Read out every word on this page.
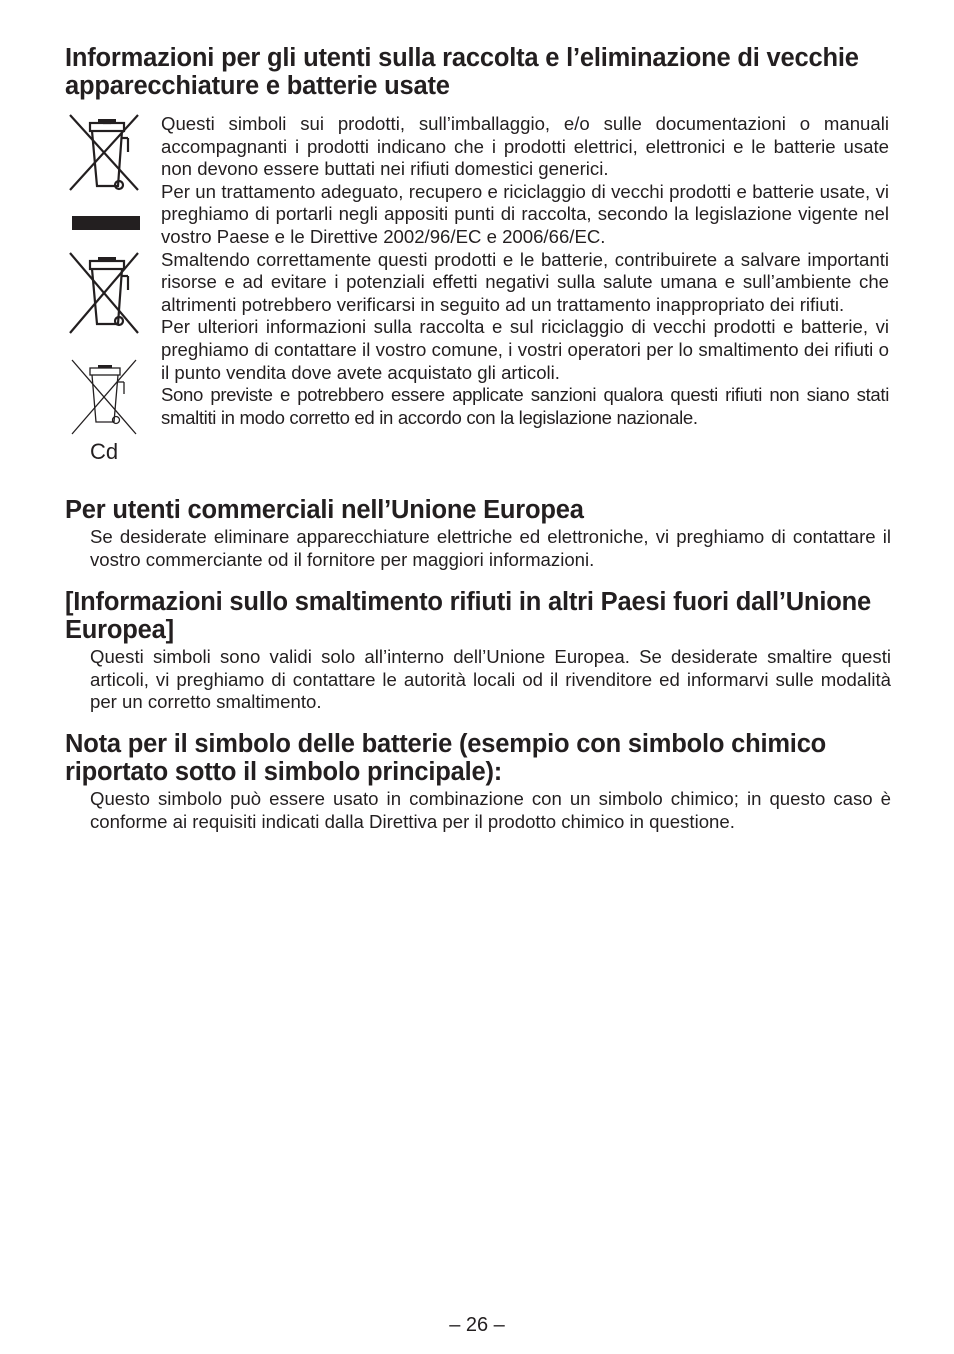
Informazioni per gli utenti sulla raccolta e l’eliminazione di vecchie apparecchiature e batterie usate
Cd

Questi simboli sui prodotti, sull’imballaggio, e/o sulle documentazioni o manuali accompagnanti i prodotti indicano che i prodotti elettrici, elettronici e le batterie usate non devono essere buttati nei rifiuti domestici generici.

Per un trattamento adeguato, recupero e riciclaggio di vecchi prodotti e batterie usate, vi preghiamo di portarli negli appositi punti di raccolta, secondo la legislazione vigente nel vostro Paese e le Direttive 2002/96/EC e 2006/66/EC.

Smaltendo correttamente questi prodotti e le batterie, contribuirete a salvare importanti risorse e ad evitare i potenziali effetti negativi sulla salute umana e sull’ambiente che altrimenti potrebbero verificarsi in seguito ad un trattamento inappropriato dei rifiuti.

Per ulteriori informazioni sulla raccolta e sul riciclaggio di vecchi prodotti e batterie, vi preghiamo di contattare il vostro comune, i vostri operatori per lo smaltimento dei rifiuti o il punto vendita dove avete acquistato gli articoli.

Sono previste e potrebbero essere applicate sanzioni qualora questi rifiuti non siano stati smaltiti in modo corretto ed in accordo con la legislazione nazionale.

Per utenti commerciali nell’Unione Europea

Se desiderate eliminare apparecchiature elettriche ed elettroniche, vi preghiamo di contattare il vostro commerciante od il fornitore per maggiori informazioni.

[Informazioni sullo smaltimento rifiuti in altri Paesi fuori dall’Unione Europea]

Questi simboli sono validi solo all’interno dell’Unione Europea. Se desiderate smaltire questi articoli, vi preghiamo di contattare le autorità locali od il rivenditore ed informarvi sulle modalità per un corretto smaltimento.

Nota per il simbolo delle batterie (esempio con simbolo chimico riportato sotto il simbolo principale):

Questo simbolo può essere usato in combinazione con un simbolo chimico; in questo caso è conforme ai requisiti indicati dalla Direttiva per il prodotto chimico in questione.

– 26 –
